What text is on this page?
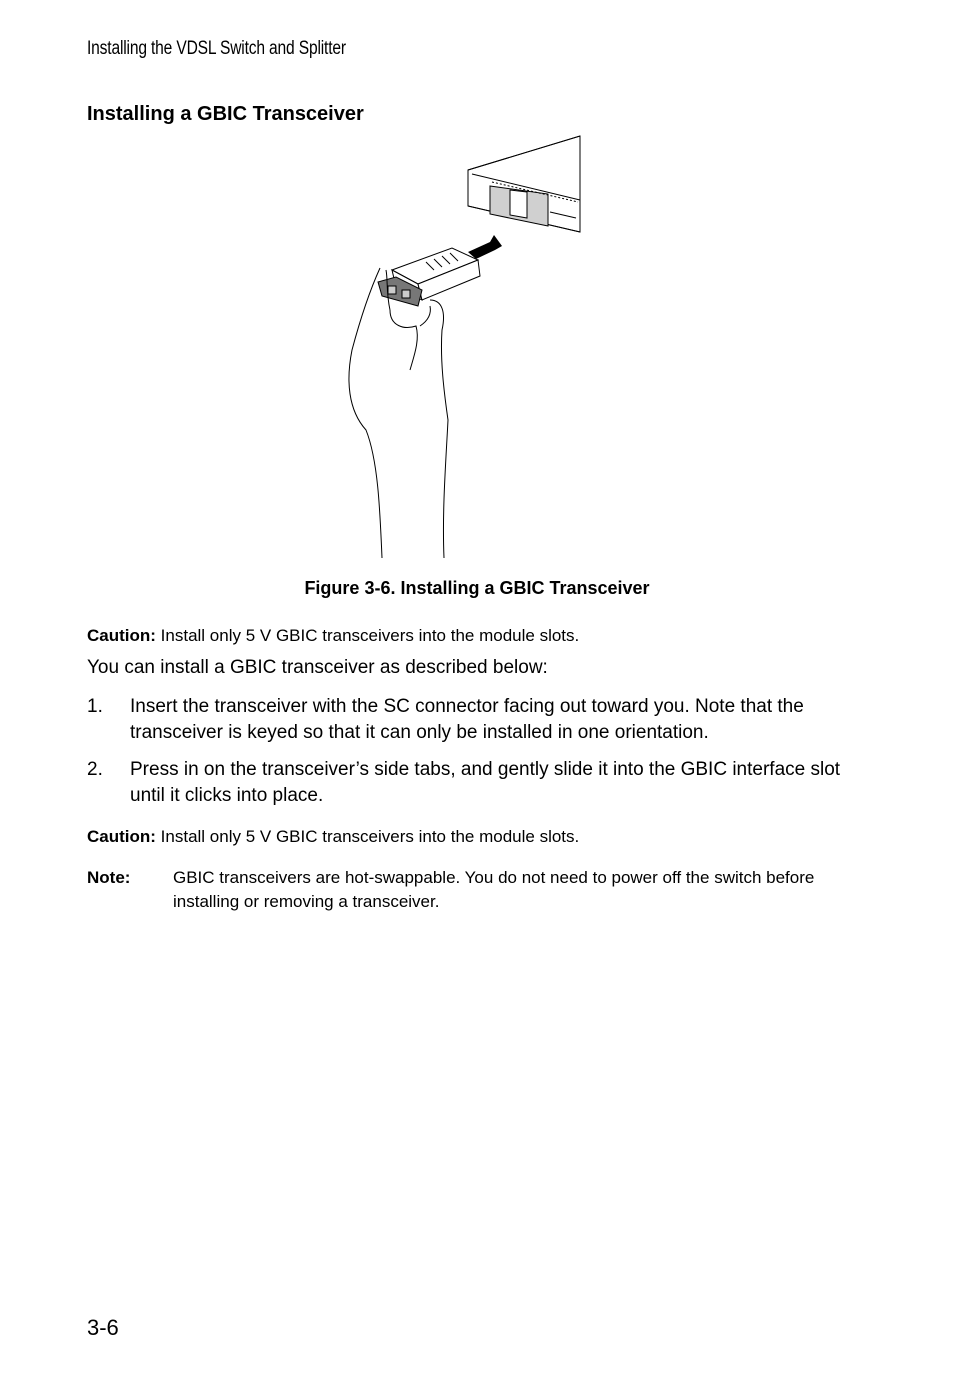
Installing the VDSL Switch and Splitter
Installing a GBIC Transceiver
Figure 3-6. Installing a GBIC Transceiver
Caution: Install only 5 V GBIC transceivers into the module slots.
You can install a GBIC transceiver as described below:
1. Insert the transceiver with the SC connector facing out toward you. Note that the transceiver is keyed so that it can only be installed in one orientation.
2. Press in on the transceiver’s side tabs, and gently slide it into the GBIC interface slot until it clicks into place.
Caution: Install only 5 V GBIC transceivers into the module slots.
Note:	GBIC transceivers are hot-swappable. You do not need to power off the switch before installing or removing a transceiver.
3-6
